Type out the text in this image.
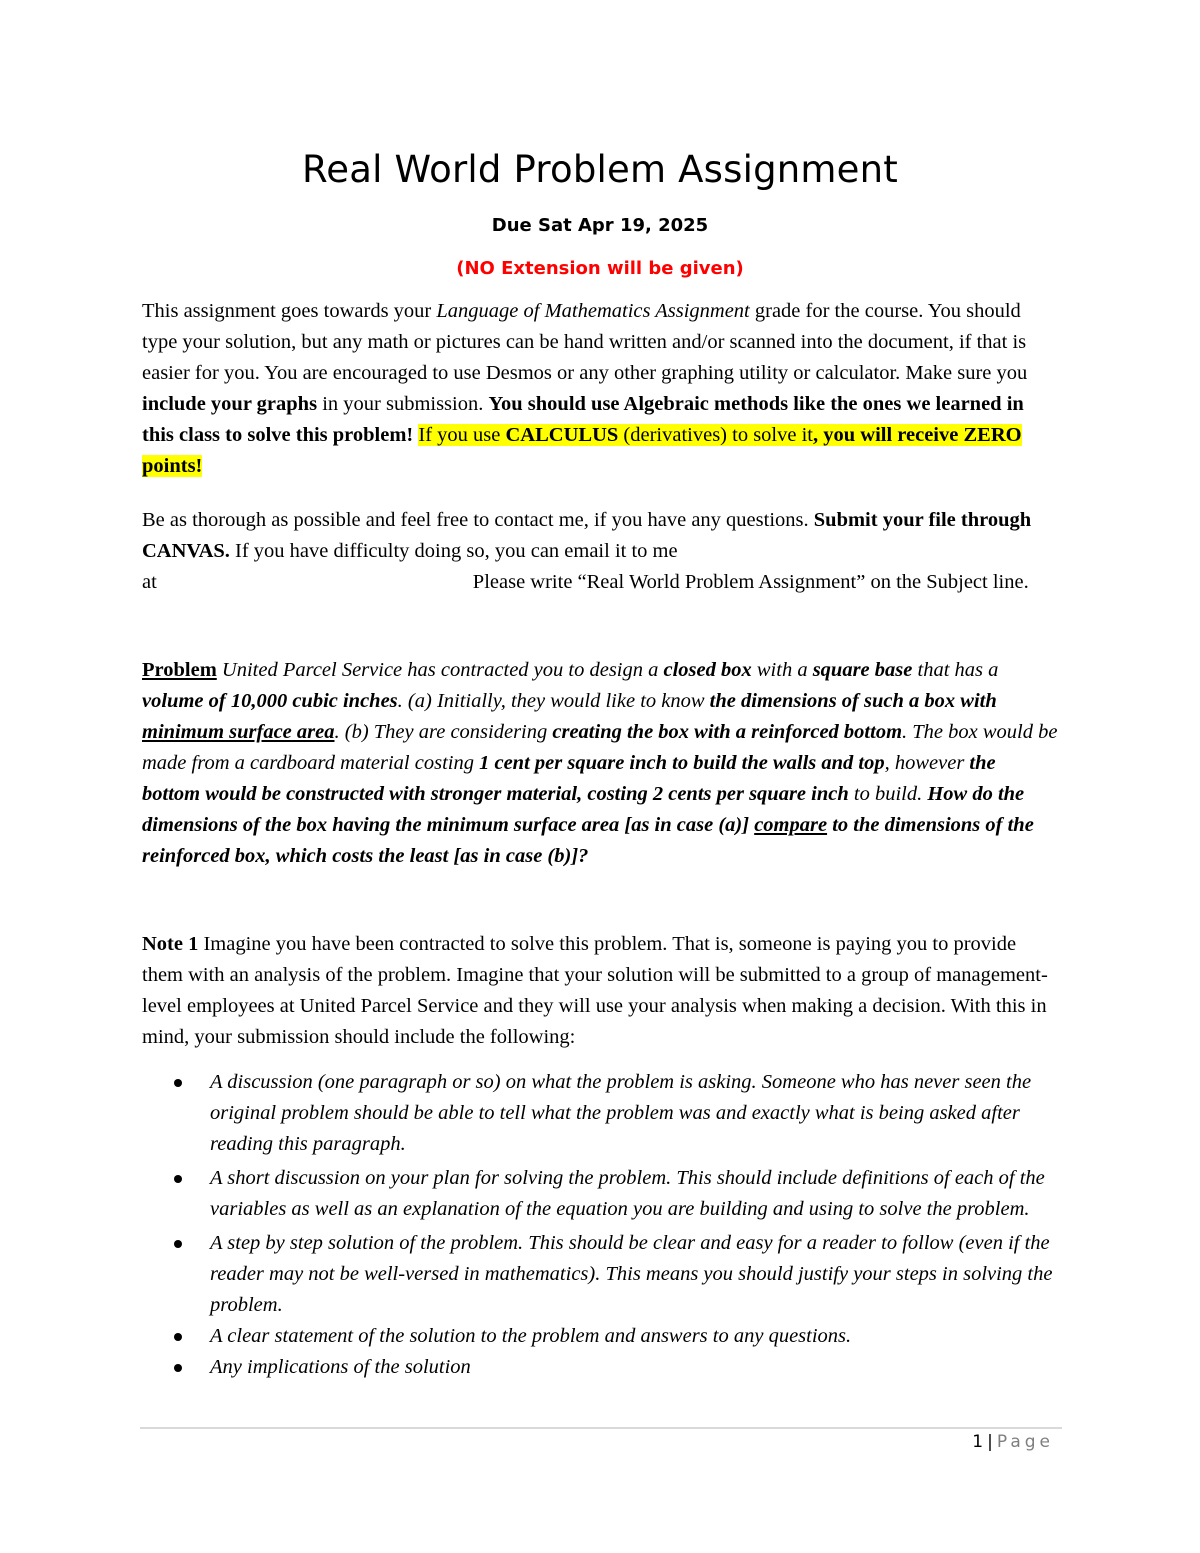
Real World Problem Assignment
Due Sat Apr 19, 2025
(NO Extension will be given)
This assignment goes towards your Language of Mathematics Assignment grade for the course. You should type your solution, but any math or pictures can be hand written and/or scanned into the document, if that is easier for you. You are encouraged to use Desmos or any other graphing utility or calculator. Make sure you include your graphs in your submission. You should use Algebraic methods like the ones we learned in this class to solve this problem! If you use CALCULUS (derivatives) to solve it, you will receive ZERO points!
Be as thorough as possible and feel free to contact me, if you have any questions. Submit your file through CANVAS. If you have difficulty doing so, you can email it to me
at	Please write “Real World Problem Assignment” on the Subject line.
Problem United Parcel Service has contracted you to design a closed box with a square base that has a volume of 10,000 cubic inches. (a) Initially, they would like to know the dimensions of such a box with minimum surface area. (b) They are considering creating the box with a reinforced bottom. The box would be made from a cardboard material costing 1 cent per square inch to build the walls and top, however the bottom would be constructed with stronger material, costing 2 cents per square inch to build. How do the dimensions of the box having the minimum surface area [as in case (a)] compare to the dimensions of the reinforced box, which costs the least [as in case (b)]?
Note 1 Imagine you have been contracted to solve this problem. That is, someone is paying you to provide them with an analysis of the problem. Imagine that your solution will be submitted to a group of management-level employees at United Parcel Service and they will use your analysis when making a decision. With this in mind, your submission should include the following:
A discussion (one paragraph or so) on what the problem is asking. Someone who has never seen the original problem should be able to tell what the problem was and exactly what is being asked after reading this paragraph.
A short discussion on your plan for solving the problem. This should include definitions of each of the variables as well as an explanation of the equation you are building and using to solve the problem.
A step by step solution of the problem. This should be clear and easy for a reader to follow (even if the reader may not be well-versed in mathematics). This means you should justify your steps in solving the problem.
A clear statement of the solution to the problem and answers to any questions.
Any implications of the solution
1 | Page
